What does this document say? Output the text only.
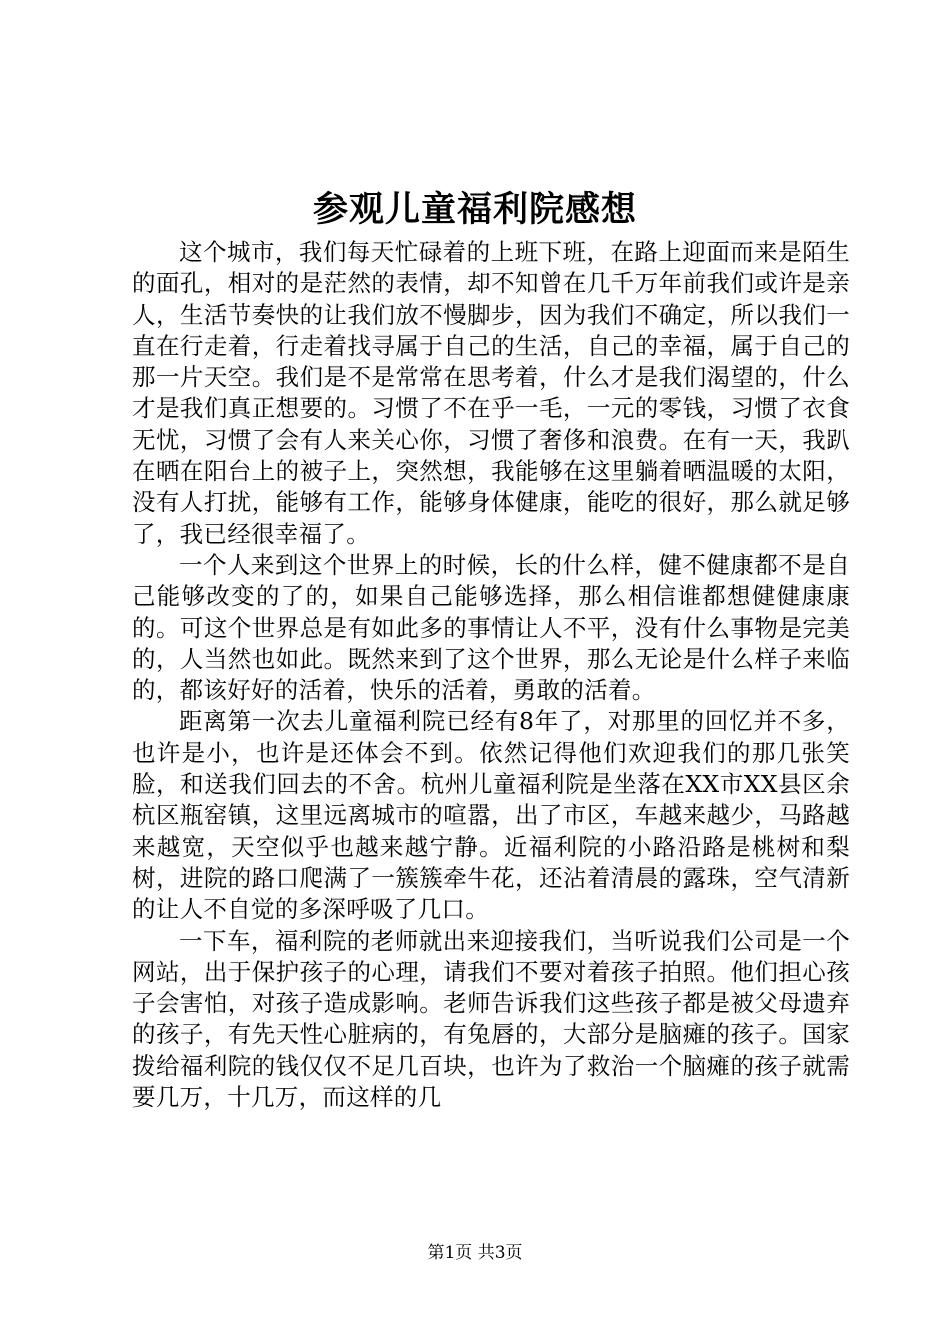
参观儿童福利院感想

这个城市，我们每天忙碌着的上班下班，在路上迎面而来是陌生的面孔，相对的是茫然的表情，却不知曾在几千万年前我们或许是亲人，生活节奏快的让我们放不慢脚步，因为我们不确定，所以我们一直在行走着，行走着找寻属于自己的生活，自己的幸福，属于自己的那一片天空。我们是不是常常在思考着，什么才是我们渴望的，什么才是我们真正想要的。习惯了不在乎一毛，一元的零钱，习惯了衣食无忧，习惯了会有人来关心你，习惯了奢侈和浪费。在有一天，我趴在晒在阳台上的被子上，突然想，我能够在这里躺着晒温暖的太阳，没有人打扰，能够有工作，能够身体健康，能吃的很好，那么就足够了，我已经很幸福了。

一个人来到这个世界上的时候，长的什么样，健不健康都不是自己能够改变的了的，如果自己能够选择，那么相信谁都想健健康康的。可这个世界总是有如此多的事情让人不平，没有什么事物是完美的，人当然也如此。既然来到了这个世界，那么无论是什么样子来临的，都该好好的活着，快乐的活着，勇敢的活着。

距离第一次去儿童福利院已经有8年了，对那里的回忆并不多，也许是小，也许是还体会不到。依然记得他们欢迎我们的那几张笑脸，和送我们回去的不舍。杭州儿童福利院是坐落在XX市XX县区余杭区瓶窑镇，这里远离城市的喧嚣，出了市区，车越来越少，马路越来越宽，天空似乎也越来越宁静。近福利院的小路沿路是桃树和梨树，进院的路口爬满了一簇簇牵牛花，还沾着清晨的露珠，空气清新的让人不自觉的多深呼吸了几口。

一下车，福利院的老师就出来迎接我们，当听说我们公司是一个网站，出于保护孩子的心理，请我们不要对着孩子拍照。他们担心孩子会害怕，对孩子造成影响。老师告诉我们这些孩子都是被父母遗弃的孩子，有先天性心脏病的，有兔唇的，大部分是脑瘫的孩子。国家拨给福利院的钱仅仅不足几百块，也许为了救治一个脑瘫的孩子就需要几万，十几万，而这样的几

第1页 共3页
